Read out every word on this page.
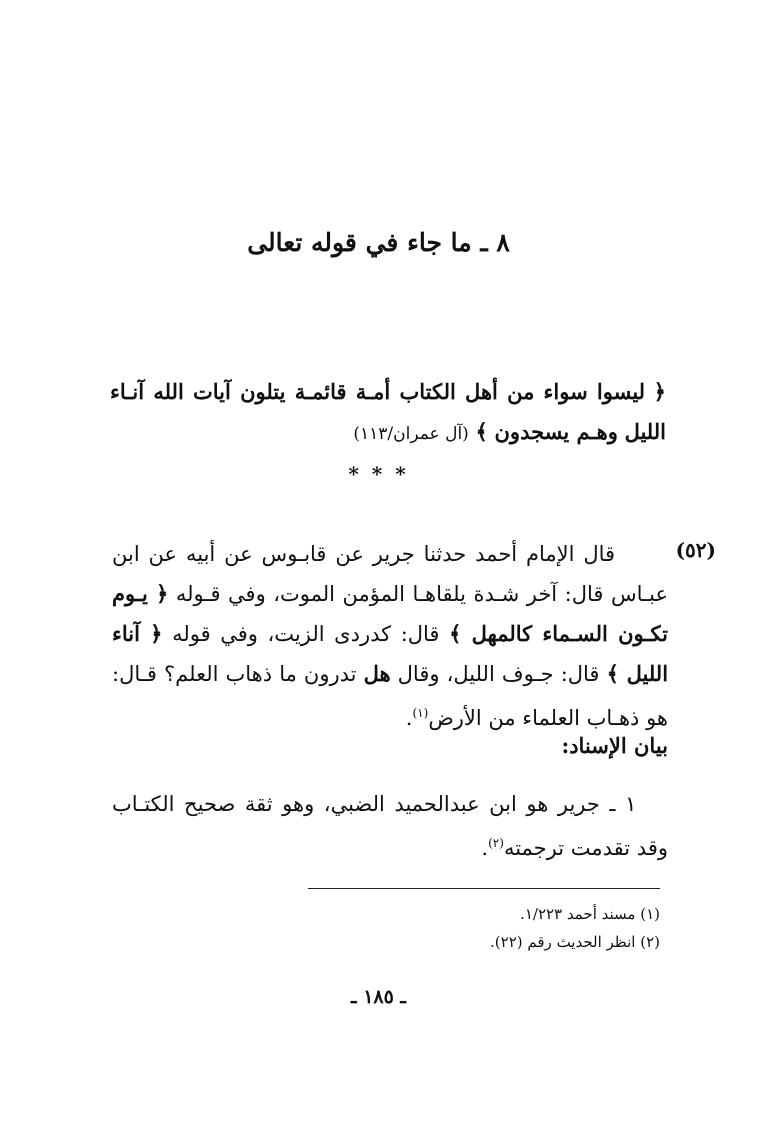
٨ ـ ما جاء في قوله تعالى
﴿ ليسوا سواء من أهل الكتاب أمـة قائمـة يتلون آيات الله آنـاء الليل وهـم يسجدون ﴾ (آل عمران/١١٣)
* * *
(٥٢)
قال الإمام أحمد حدثنا جرير عن قابـوس عن أبيه عن ابن عبـاس قال: آخر شـدة يلقاهـا المؤمن الموت، وفي قـوله ﴿ يـوم تكـون السـماء كالمهل ﴾ قال: كدردى الزيت، وفي قوله ﴿ آناء الليل ﴾ قال: جـوف الليل، وقال هل تدرون ما ذهاب العلم؟ قـال: هو ذهـاب العلماء من الأرض$^{(١)}$.
بيان الإسناد:
١ ـ جرير هو ابن عبدالحميد الضبي، وهو ثقة صحيح الكتـاب وقد تقدمت ترجمته$^{(٢)}$.
(١) مسند أحمد ١/٢٢٣.
(٢) انظر الحديث رقم (٢٢).
ـ ١٨٥ ـ
